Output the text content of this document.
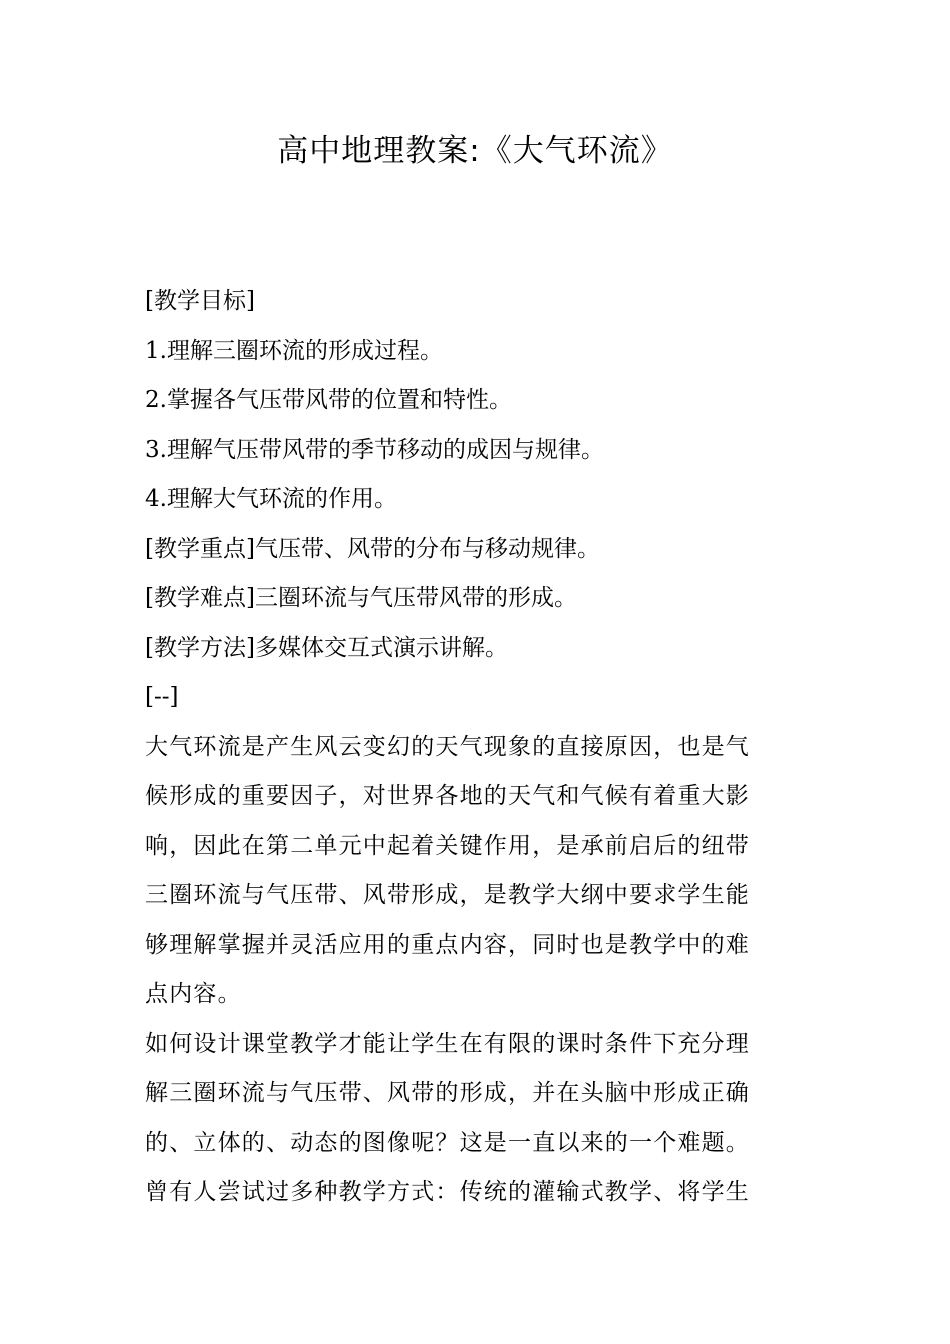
高中地理教案:《大气环流》
[教学目标]
1.理解三圈环流的形成过程。
2.掌握各气压带风带的位置和特性。
3.理解气压带风带的季节移动的成因与规律。
4.理解大气环流的作用。
[教学重点]气压带、风带的分布与移动规律。
[教学难点]三圈环流与气压带风带的形成。
[教学方法]多媒体交互式演示讲解。
[--]
大气环流是产生风云变幻的天气现象的直接原因，也是气
候形成的重要因子，对世界各地的天气和气候有着重大影
响，因此在第二单元中起着关键作用，是承前启后的纽带
三圈环流与气压带、风带形成，是教学大纲中要求学生能
够理解掌握并灵活应用的重点内容，同时也是教学中的难
点内容。
如何设计课堂教学才能让学生在有限的课时条件下充分理
解三圈环流与气压带、风带的形成，并在头脑中形成正确
的、立体的、动态的图像呢？这是一直以来的一个难题。
曾有人尝试过多种教学方式：传统的灌输式教学、将学生
